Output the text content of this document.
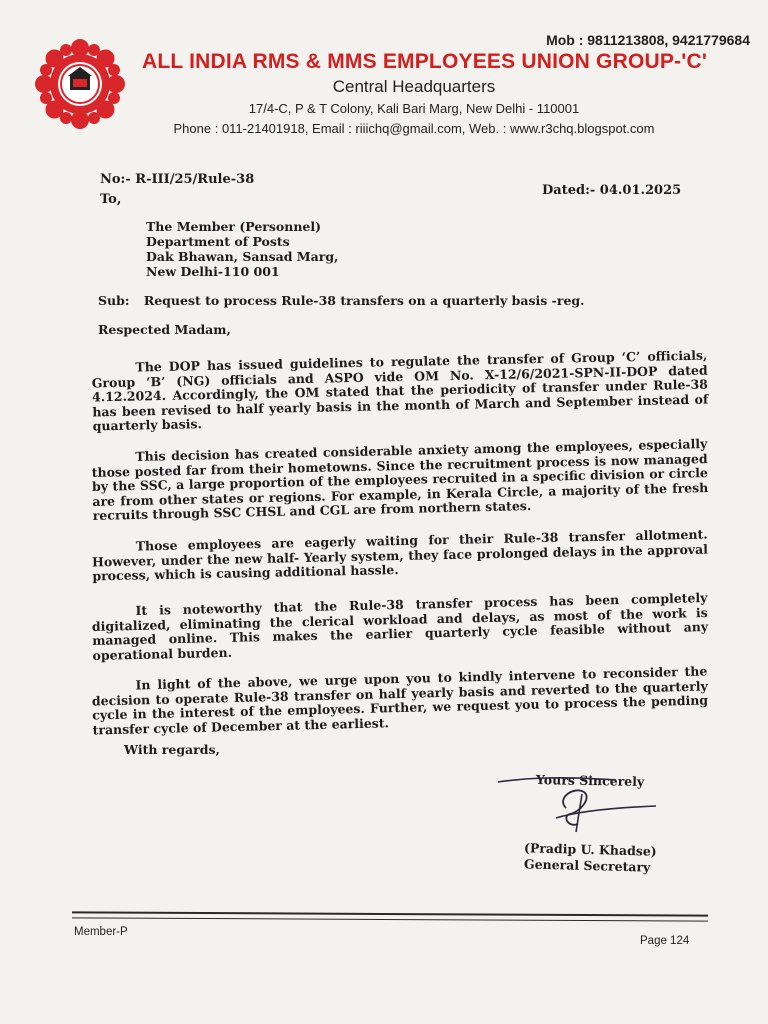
Mob : 9811213808, 9421779684
ALL INDIA RMS & MMS EMPLOYEES UNION GROUP-'C'
Central Headquarters
17/4-C, P & T Colony, Kali Bari Marg, New Delhi - 110001
Phone : 011-21401918, Email : riiichq@gmail.com, Web. : www.r3chq.blogspot.com
No:- R-III/25/Rule-38
To,
Dated:- 04.01.2025
The Member (Personnel)
Department of Posts
Dak Bhawan, Sansad Marg,
New Delhi-110 001
Sub: Request to process Rule-38 transfers on a quarterly basis -reg.
Respected Madam,
The DOP has issued guidelines to regulate the transfer of Group ‘C’ officials, Group ‘B’ (NG) officials and ASPO vide OM No. X-12/6/2021-SPN-II-DOP dated 4.12.2024. Accordingly, the OM stated that the periodicity of transfer under Rule-38 has been revised to half yearly basis in the month of March and September instead of quarterly basis.
This decision has created considerable anxiety among the employees, especially those posted far from their hometowns. Since the recruitment process is now managed by the SSC, a large proportion of the employees recruited in a specific division or circle are from other states or regions. For example, in Kerala Circle, a majority of the fresh recruits through SSC CHSL and CGL are from northern states.
Those employees are eagerly waiting for their Rule-38 transfer allotment. However, under the new half- Yearly system, they face prolonged delays in the approval process, which is causing additional hassle.
It is noteworthy that the Rule-38 transfer process has been completely digitalized, eliminating the clerical workload and delays, as most of the work is managed online. This makes the earlier quarterly cycle feasible without any operational burden.
In light of the above, we urge upon you to kindly intervene to reconsider the decision to operate Rule-38 transfer on half yearly basis and reverted to the quarterly cycle in the interest of the employees. Further, we request you to process the pending transfer cycle of December at the earliest.
With regards,
Yours Sincerely
(Pradip U. Khadse)
General Secretary
Member-P
Page 124
